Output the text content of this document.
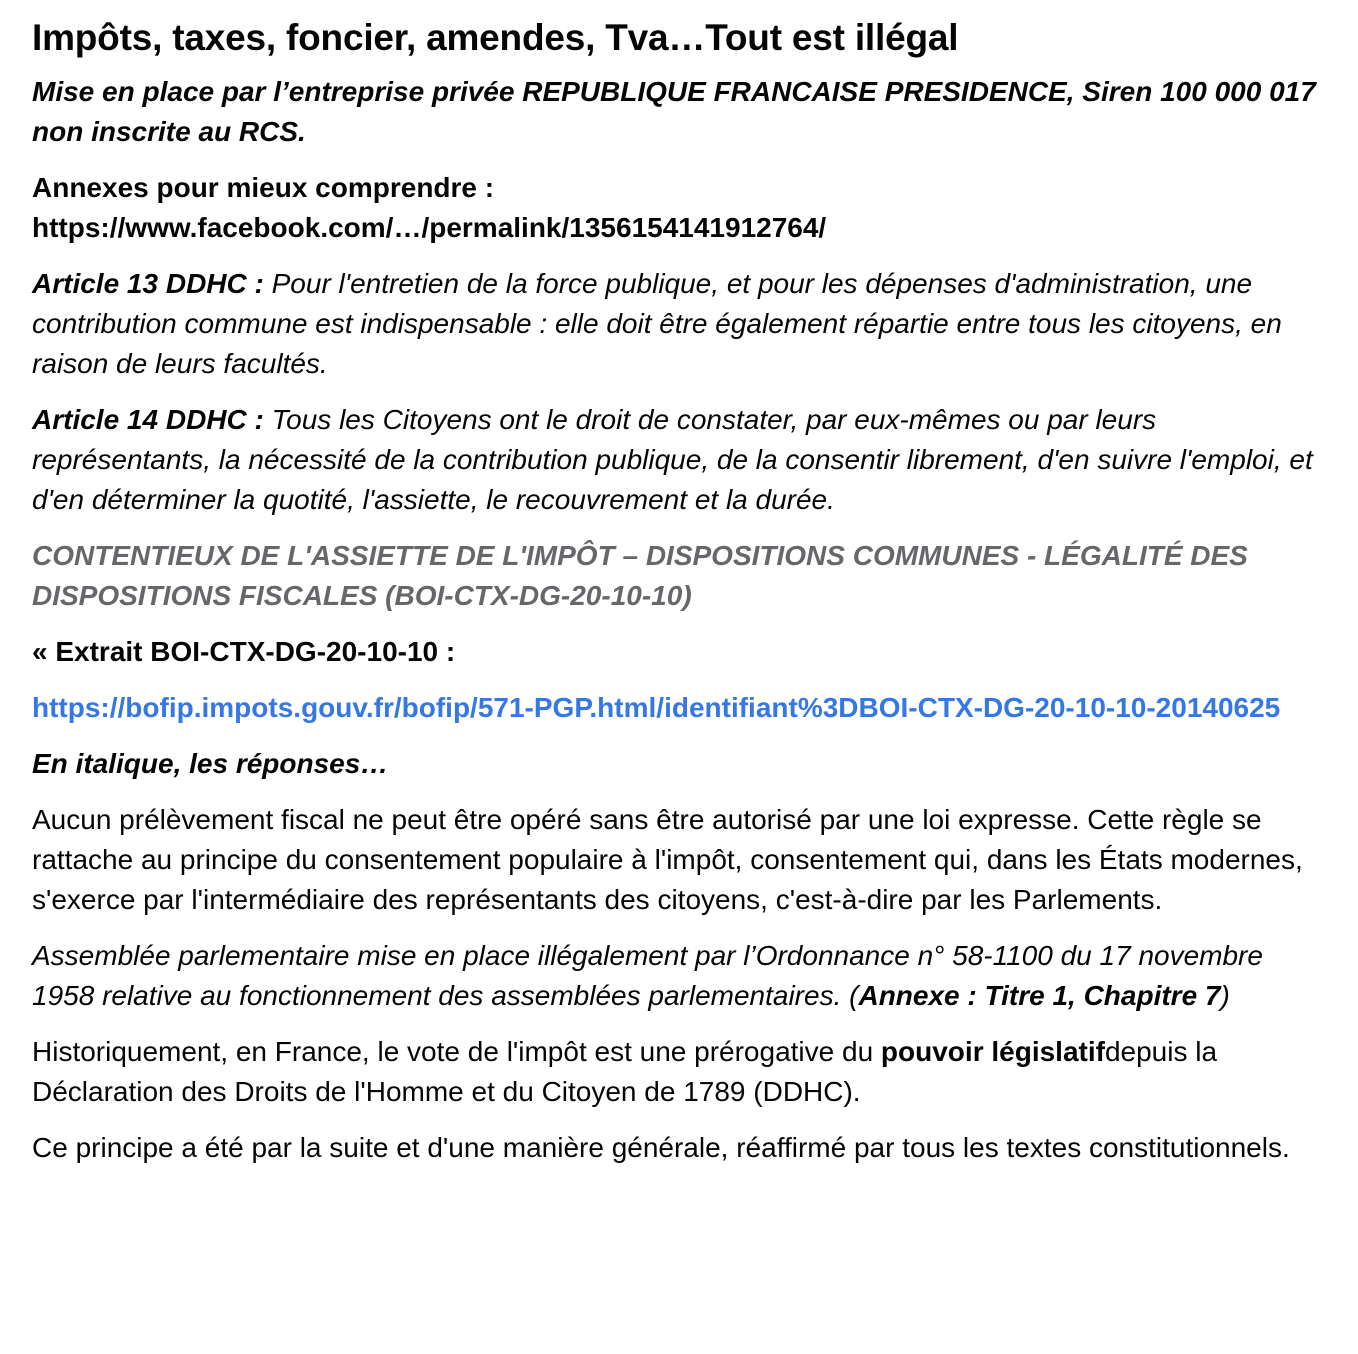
Impôts, taxes, foncier, amendes, Tva…Tout est illégal

Mise en place par l’entreprise privée REPUBLIQUE FRANCAISE PRESIDENCE, Siren 100 000 017 non inscrite au RCS.

Annexes pour mieux comprendre :
https://www.facebook.com/…/permalink/1356154141912764/

Article 13 DDHC : Pour l'entretien de la force publique, et pour les dépenses d'administration, une contribution commune est indispensable : elle doit être également répartie entre tous les citoyens, en raison de leurs facultés.

Article 14 DDHC : Tous les Citoyens ont le droit de constater, par eux-mêmes ou par leurs représentants, la nécessité de la contribution publique, de la consentir librement, d'en suivre l'emploi, et d'en déterminer la quotité, l'assiette, le recouvrement et la durée.

CONTENTIEUX DE L'ASSIETTE DE L'IMPÔT – DISPOSITIONS COMMUNES - LÉGALITÉ DES DISPOSITIONS FISCALES (BOI-CTX-DG-20-10-10)

« Extrait BOI-CTX-DG-20-10-10 :

https://bofip.impots.gouv.fr/bofip/571-PGP.html/identifiant%3DBOI-CTX-DG-20-10-10-20140625

En italique, les réponses…

Aucun prélèvement fiscal ne peut être opéré sans être autorisé par une loi expresse. Cette règle se rattache au principe du consentement populaire à l'impôt, consentement qui, dans les États modernes, s'exerce par l'intermédiaire des représentants des citoyens, c'est-à-dire par les Parlements.

Assemblée parlementaire mise en place illégalement par l’Ordonnance n° 58-1100 du 17 novembre 1958 relative au fonctionnement des assemblées parlementaires. (Annexe : Titre 1, Chapitre 7)

Historiquement, en France, le vote de l'impôt est une prérogative du pouvoir législatifdepuis la Déclaration des Droits de l'Homme et du Citoyen de 1789 (DDHC).

Ce principe a été par la suite et d'une manière générale, réaffirmé par tous les textes constitutionnels.
